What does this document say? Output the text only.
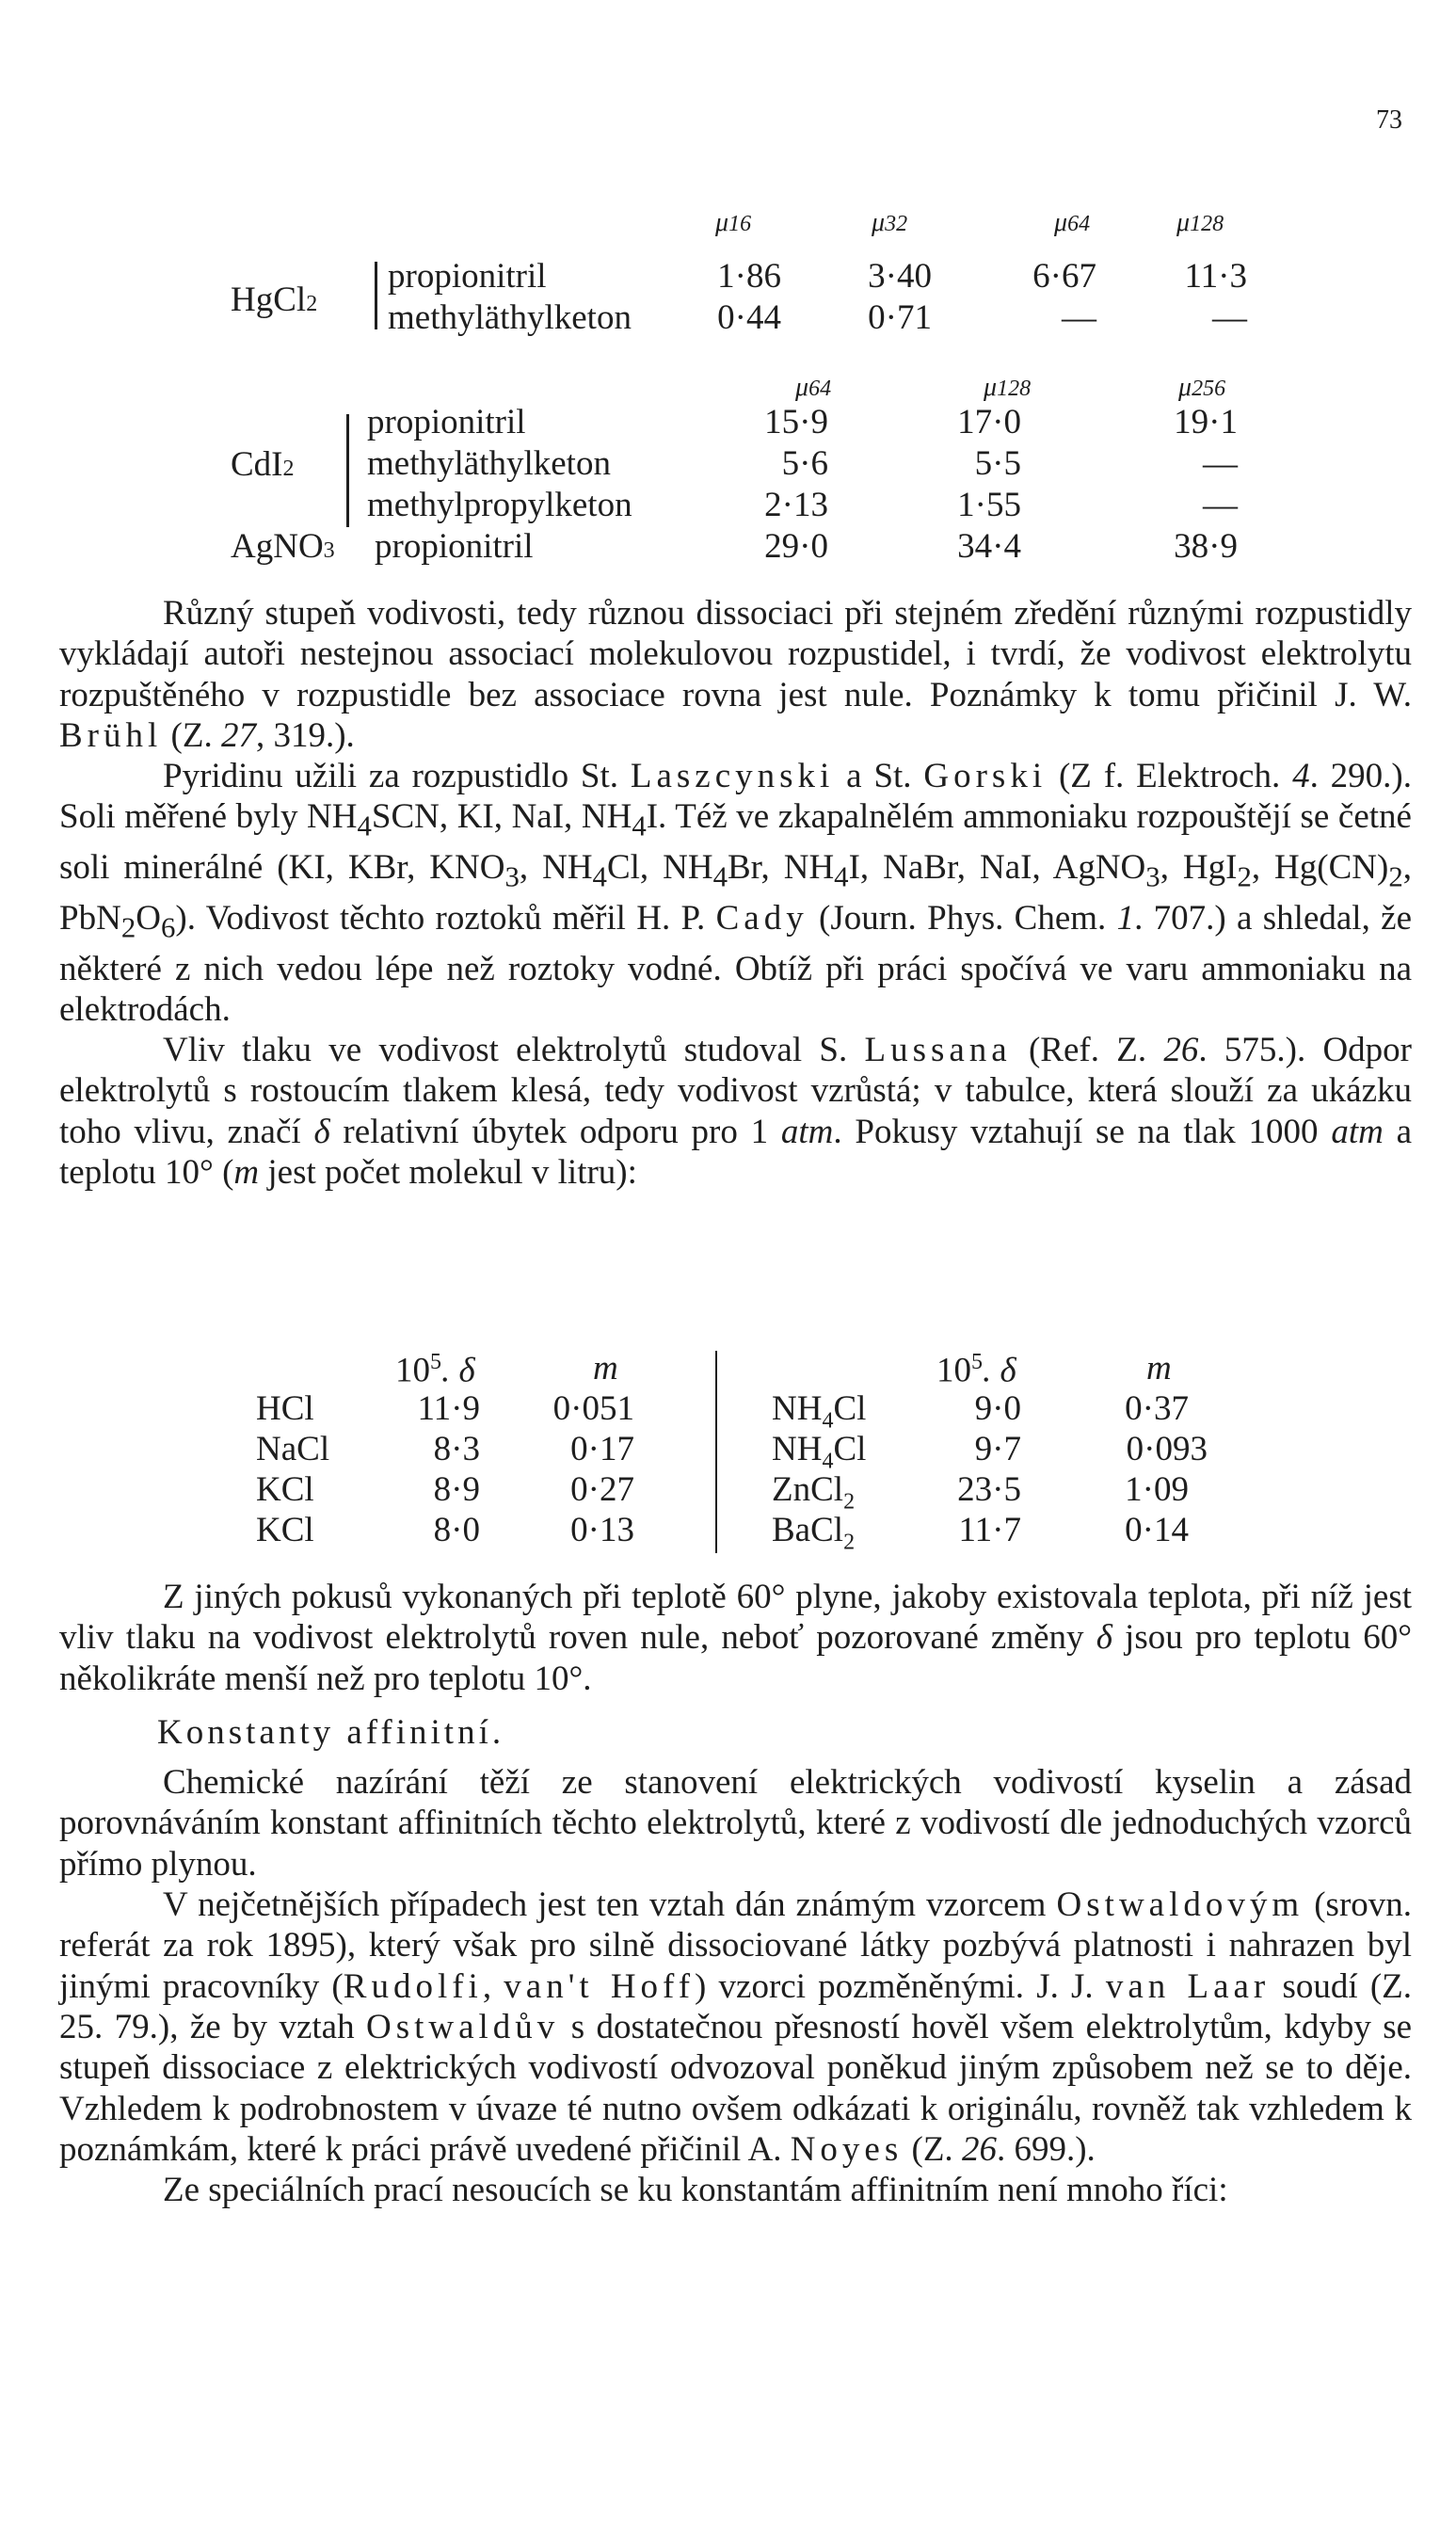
73
μ16	μ32	μ64	μ128
HgCl2
propionitril	1·86	3·40	6·67	11·3
methyläthylketon	0·44	0·71	—	—
μ64	μ128	μ256
CdI2
propionitril	15·9	17·0	19·1
methyläthylketon	5·6	5·5	—
methylpropylketon	2·13	1·55	—
AgNO3 propionitril	29·0	34·4	38·9

Různý stupeň vodivosti, tedy různou dissociaci při stejném zředění různými rozpustidly vykládají autoři nestejnou associací molekulovou rozpustidel, i tvrdí, že vodivost elektrolytu rozpuštěného v rozpustidle bez associace rovna jest nule. Poznámky k tomu přičinil J. W. Brühl (Z. 27, 319.).

Pyridinu užili za rozpustidlo St. Laszcynski a St. Gorski (Z f. Elektroch. 4. 290.). Soli měřené byly $NH_4SCN$, KI, NaI, $NH_4I$. Též ve zkapalnělém ammoniaku rozpouštějí se četné soli minerálné (KI, KBr, $KNO_3$, $NH_4Cl$, $NH_4Br$, $NH_4I$, NaBr, NaI, AgNO$_3$, HgI$_2$, $Hg(CN)_2$, $PbN_2O_6$). Vodivost těchto roztoků měřil H. P. Cady (Journ. Phys. Chem. 1. 707.) a shledal, že některé z nich vedou lépe než roztoky vodné. Obtíž při práci spočívá ve varu ammoniaku na elektrodách.

Vliv tlaku ve vodivost elektrolytů studoval S. Lussana (Ref. Z. 26. 575.). Odpor elektrolytů s rostoucím tlakem klesá, tedy vodivost vzrůstá; v tabulce, která slouží za ukázku toho vlivu, značí δ relativní úbytek odporu pro 1 atm. Pokusy vztahují se na tlak 1000 atm a teplotu 10° (m jest počet molekul v litru):

$10^5$. δ	m
HCl	11·9	0·051
NaCl	8·3	0·17
KCl	8·9	0·27
KCl	8·0	0·13
$10^5$. δ	m
$NH_4Cl$	9·0	0·37
$NH_4Cl$	9·7	0·093
ZnCl$_2$	23·5	1·09
BaCl$_2$	11·7	0·14

Z jiných pokusů vykonaných při teplotě 60° plyne, jakoby existovala teplota, při níž jest vliv tlaku na vodivost elektrolytů roven nule, neboť pozorované změny δ jsou pro teplotu 60° několikráte menší než pro teplotu 10°.

Konstanty affinitní.

Chemické nazírání těží ze stanovení elektrických vodivostí kyselin a zásad porovnáváním konstant affinitních těchto elektrolytů, které z vodivostí dle jednoduchých vzorců přímo plynou.

V nejčetnějších případech jest ten vztah dán známým vzorcem Ostwaldovým (srovn. referát za rok 1895), který však pro silně dissociované látky pozbývá platnosti i nahrazen byl jinými pracovníky (Rudolfi, van't Hoff) vzorci pozměněnými. J. J. van Laar soudí (Z. 25. 79.), že by vztah Ostwaldův s dostatečnou přesností hověl všem elektrolytům, kdyby se stupeň dissociace z elektrických vodivostí odvozoval poněkud jiným způsobem než se to děje. Vzhledem k podrobnostem v úvaze té nutno ovšem odkázati k originálu, rovněž tak vzhledem k poznámkám, které k práci právě uvedené přičinil A. Noyes (Z. 26. 699.).

Ze speciálních prací nesoucích se ku konstantám affinitním není mnoho říci:
